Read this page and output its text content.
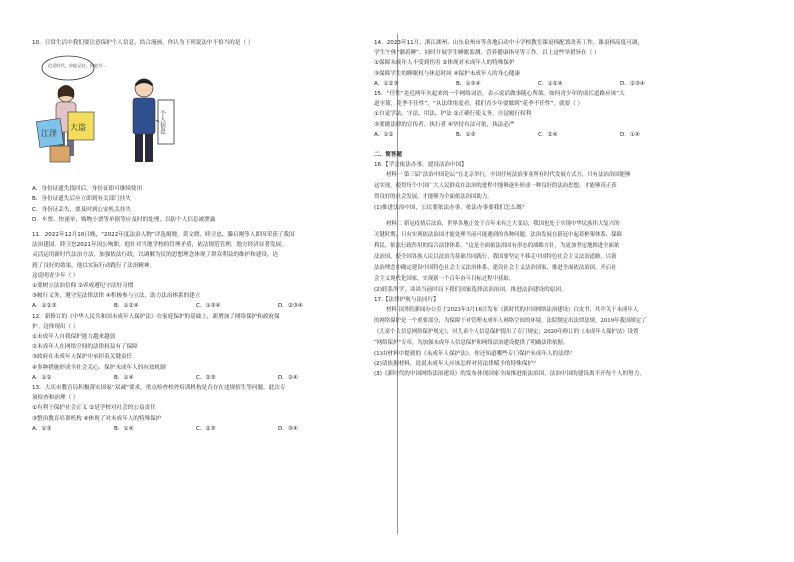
10．日常生活中我们要注意保护个人信息，结合漫画，你认为下列说法中不恰当的是（ ）
信息时代，你能记住，你能付…
江洋
大盗	个人信息
A．身份证遗失找回后，身份证即可继续使用
B．身份证遗失后应立即到有关部门挂失
C．身份证丢失，要及时到公安机关挂失
D．车票、快递单、购物小票等单据等应及时的处理，以防个人信息被泄露
11．2022年12月10日晚，“2022年度法治人物”评选揭晓。黄文晓、睦卫忠、滕启刚等人即因荣获了我国
法治建国。睦卫忠2021年因公殉职，他针对当地学校的管理矛盾，依法规范管理，地方经济显著发展，
灵活运用新时代法治方法，加强依法行政，以调解为民的思想理念体现了群众利益的维护和建设，达
到了良好的效果，他以实际行动践行了法治精神。
这说明青少年（ ）
①要树立法治信仰 ②养成遵纪守法好习惯
③履行义务，遵守宪法律法律 ④积极参与立法，助力法治体系的建立
A．①②③	B．①②④	C．①③④	D．②③④
12．新修订的《中华人民共和国未成年人保护法》在家庭保护的基础上，新增加了网络保护和政府保
护。这体现出（ ）
①未成年人自我保护能力越来越弱
②未成年人在网络空间的法律权益有了保障
③政府在未成年人保护中承担着关键责任
④多种措施形成全社会关心、保护未成年人的有效机制
A．①②	B．①④	C．②③	D．②④
13．大庆市教育局积极落实国家“双减”要求，重点检查校外培训机构是否存在违规招生等问题。此次专
项检查和治理（ ）
①有利于保护社会正义 ②是学校对社会的公益责任
③整治教育培训机构 ④体现了对未成年人的特殊保护
A．①③	B．①④	C．②③	D．③④
14．2023年11月，浙江湖州、山东泉州市等各地启动中小学校教室课桌椅配置改善工作，课桌椅高度可调，
学生午休“躺着睡”，同时开展学生睡眠监测、营养健康指导等工作。以上这些举措旨在（ ）
①保障未成年人不受到伤害 ②体现对未成年人的特殊保护
③保障学生的睡眠权与休息时间 ④保护未成年人的身心健康
A．①②③	B．①③④	C．①②④	D．②③④
15．“任性”是近两年火起来的一个网络词语，表示说话做事随心所欲。如何青少年的成长道路应该“大
道至简，花季不任性”。“从法律角度看，我们青少年要做到“花季不任性”，就要（ ）
①自觉学法、守法、用法、护法 ②正确行使义务，自觉履行权利
③要做法律的宣传者、执行者 ④坚持有法可依，执法必严
A．①②	B．①③	C．②④	D．①④
二、简答题
16.【学会依法办事，建设法治中国】
材料一 第三届“法治中国论坛”在北京举行，中国任何法治事业所有时代发展方式方，只有法治治国能够
这实现，使得每个中国广大人民群众在法治的进程中能够逐步形成一种良好的法治思想，才能够真正获
得良好的社会发展，才能够为全面依法治国助力。
(1)推进法治中国，公民要依法办事。依法办事要我们怎么做？
材料二 新冠疫情后法治，世界各地正处于百年未有之大变局，我国也处于实现中华民族伟大复兴的
关键时期，只有实现依法治国才能处理当前可能遇到的各种问题。法治发展在新冠中起着框架体系、保障
利民、依法行政作用的综合法律体系。“这是全面依法治国有形态的战略方针，为更加坚定地推进全面依
法治国，使全国各族人民以法治为基础共同践行，我国要坚定不移走中国特色社会主义法治道路，以新
法治理念中确定建设中国特色社会主义法治体系，建设社会主义法治国家，推进全面依法治国，开启社
会主义现代化国家，实现新一个百年奋斗目标过程中获取。
(2)联系所学，谈谈当前时局下我们国家选择法治治国，推进法治建设的原因。
17.【法律护航与法同行】
材料 国务院新闻办公室于2023年3月16日发布《新时代的中国网络法治建设》白皮书，其中关于未成年人
的网络保护是一个重要部分，为保障于对管理未成年人网络空间的环境，法院制定出法律法规。2019年我国制定了
《儿童个人信息网络保护规定》，对儿童个人信息保护提出了专门规定；2020年修订的《未成年人保护法》设置
“网络保护”专章，为加强未成年人信息保护和网络法治建设提供了明确法律依据。
(1)由材料中提到的《未成年人保护法》，你还知道哪些专门保护未成年人的法律？
(2)请依据材料，说说未成年人应该怎样对待法律赋予的特殊保护？
(3)《新时代的中国网络法治建设》的发布体现国家全面推进依法治国，法治中国的建设离不开每个人的努力，
